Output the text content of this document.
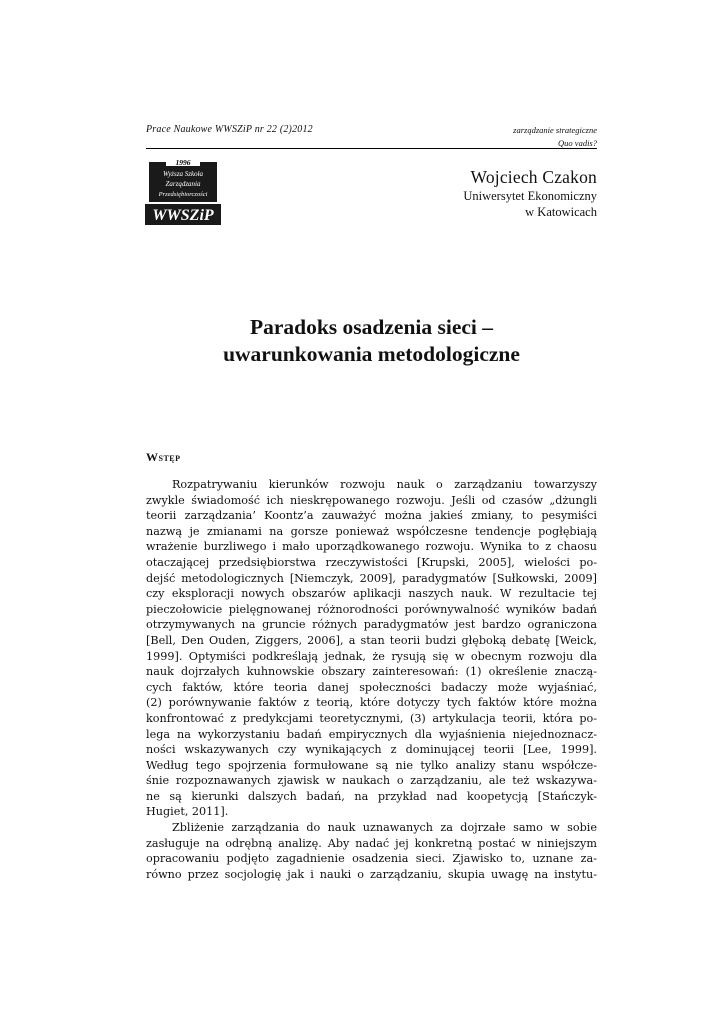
Prace Naukowe WWSZiP nr 22 (2)2012	zarządzanie strategiczne
Quo vadis?
1996
Wyższa Szkoła
Zarządzania
Przedsiębiorczości
WWSZiP
Wojciech Czakon
Uniwersytet Ekonomiczny
w Katowicach
Paradoks osadzenia sieci –
uwarunkowania metodologiczne
Wstęp
Rozpatrywaniu kierunków rozwoju nauk o zarządzaniu towarzyszy
zwykle świadomość ich nieskrępowanego rozwoju. Jeśli od czasów „dżungli
teorii zarządzania’ Koontz’a zauważyć można jakieś zmiany, to pesymiści
nazwą je zmianami na gorsze ponieważ współczesne tendencje pogłębiają
wrażenie burzliwego i mało uporządkowanego rozwoju. Wynika to z chaosu
otaczającej przedsiębiorstwa rzeczywistości [Krupski, 2005], wielości po-
dejść metodologicznych [Niemczyk, 2009], paradygmatów [Sułkowski, 2009]
czy eksploracji nowych obszarów aplikacji naszych nauk. W rezultacie tej
pieczołowicie pielęgnowanej różnorodności porównywalność wyników badań
otrzymywanych na gruncie różnych paradygmatów jest bardzo ograniczona
[Bell, Den Ouden, Ziggers, 2006], a stan teorii budzi głęboką debatę [Weick,
1999]. Optymiści podkreślają jednak, że rysują się w obecnym rozwoju dla
nauk dojrzałych kuhnowskie obszary zainteresowań: (1) określenie znaczą-
cych faktów, które teoria danej społeczności badaczy może wyjaśniać,
(2) porównywanie faktów z teorią, które dotyczy tych faktów które można
konfrontować z predykcjami teoretycznymi, (3) artykulacja teorii, która po-
lega na wykorzystaniu badań empirycznych dla wyjaśnienia niejednoznacz-
ności wskazywanych czy wynikających z dominującej teorii [Lee, 1999].
Według tego spojrzenia formułowane są nie tylko analizy stanu współcze-
śnie rozpoznawanych zjawisk w naukach o zarządzaniu, ale też wskazywa-
ne są kierunki dalszych badań, na przykład nad koopetycją [Stańczyk-
Hugiet, 2011].
Zbliżenie zarządzania do nauk uznawanych za dojrzałe samo w sobie
zasługuje na odrębną analizę. Aby nadać jej konkretną postać w niniejszym
opracowaniu podjęto zagadnienie osadzenia sieci. Zjawisko to, uznane za-
równo przez socjologię jak i nauki o zarządzaniu, skupia uwagę na instytu-
